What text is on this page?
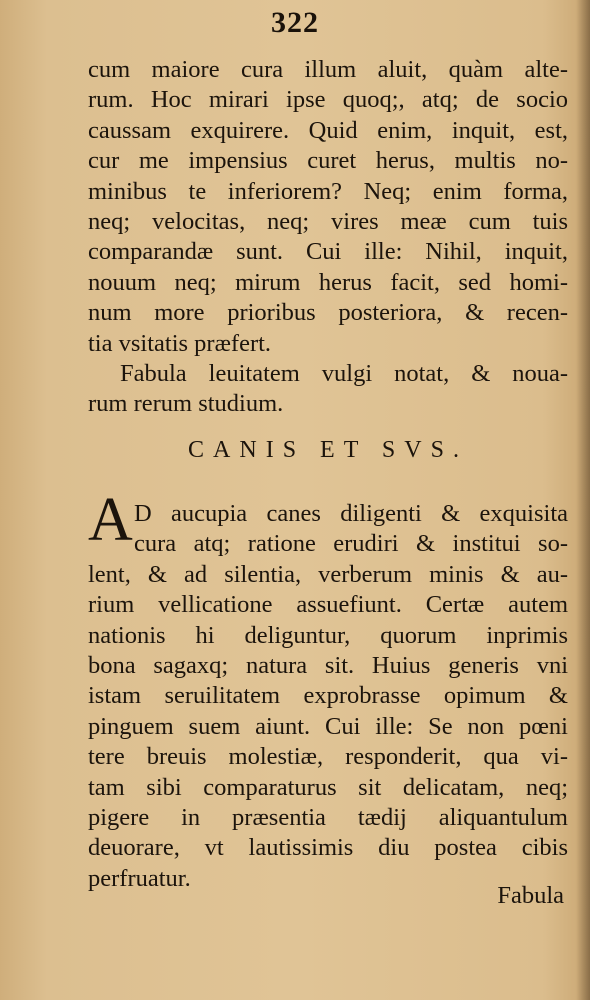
322
cum maiore cura illum aluit, quàm alte-
rum. Hoc mirari ipse quoq;, atq; de socio
caussam exquirere. Quid enim, inquit, est,
cur me impensius curet herus, multis no-
minibus te inferiorem? Neq; enim forma,
neq; velocitas, neq; vires meæ cum tuis
comparandæ sunt. Cui ille: Nihil, inquit,
nouum neq; mirum herus facit, sed homi-
num more prioribus posteriora, & recen-
tia vsitatis præfert.
Fabula leuitatem vulgi notat, & noua-
rum rerum studium.
CANIS ET SVS.
A D aucupia canes diligenti & exquisita
cura atq; ratione erudiri & institui so-
lent, & ad silentia, verberum minis & au-
rium vellicatione assuefiunt. Certæ autem
nationis hi deliguntur, quorum inprimis
bona sagaxq; natura sit. Huius generis vni
istam seruilitatem exprobrasse opimum &
pinguem suem aiunt. Cui ille: Se non pœni
tere breuis molestiæ, responderit, qua vi-
tam sibi comparaturus sit delicatam, neq;
pigere in præsentia tædij aliquantulum
deuorare, vt lautissimis diu postea cibis
perfruatur.
Fabula
